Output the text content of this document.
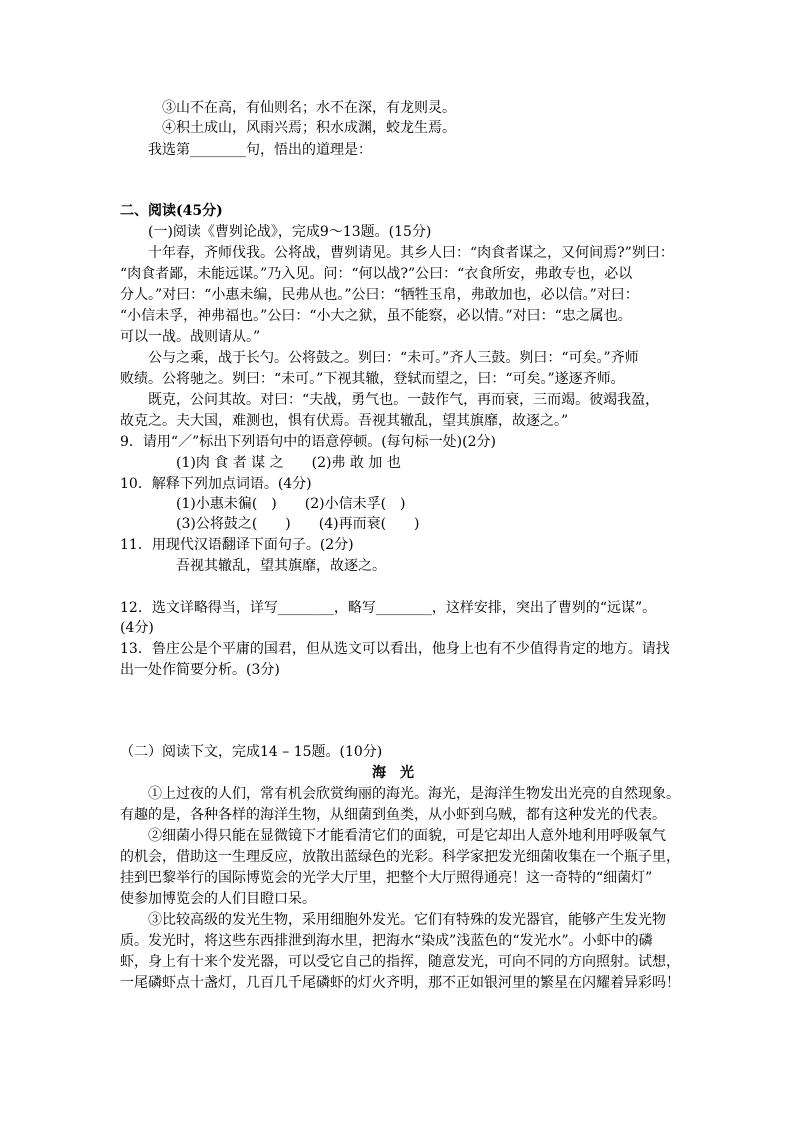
③山不在高，有仙则名；水不在深，有龙则灵。

④积土成山，风雨兴焉；积水成渊，蛟龙生焉。

我选第________句，悟出的道理是：

二、阅读(45分)

(一)阅读《曹刿论战》，完成9～13题。(15分)

十年春，齐师伐我。公将战，曹刿请见。其乡人曰：“肉食者谋之，又何间焉?”刿曰：

“肉食者鄙，未能远谋。”乃入见。问：“何以战?”公曰：“衣食所安，弗敢专也，必以

分人。”对曰：“小惠未编，民弗从也。”公曰：“牺牲玉帛，弗敢加也，必以信。”对曰：

“小信未孚，神弗福也。”公曰：“小大之狱，虽不能察，必以情。”对曰：“忠之属也。

可以一战。战则请从。”

公与之乘，战于长勺。公将鼓之。刿曰：“未可。”齐人三鼓。刿曰：“可矣。”齐师

败绩。公将驰之。刿曰：“未可。”下视其辙，登轼而望之，曰：“可矣。”遂逐齐师。

既克，公问其故。对曰：“夫战，勇气也。一鼓作气，再而衰，三而竭。彼竭我盈，

故克之。夫大国，难测也，惧有伏焉。吾视其辙乱，望其旗靡，故逐之。”

9．请用“／”标出下列语句中的语意停顿。(每句标一处)(2分)

(1)肉 食 者 谋 之　　(2)弗 敢 加 也

10．解释下列加点词语。(4分)

(1)小惠未徧(　)　　(2)小信未孚(　)

(3)公将鼓之(　　)　　(4)再而衰(　　)

11．用现代汉语翻译下面句子。(2分)

吾视其辙乱，望其旗靡，故逐之。

12．选文详略得当，详写________，略写________，这样安排，突出了曹刿的“远谋”。

(4分)

13．鲁庄公是个平庸的国君，但从选文可以看出，他身上也有不少值得肯定的地方。请找

出一处作简要分析。(3分)

（二）阅读下文，完成14 – 15题。(10分)

海　光

①上过夜的人们，常有机会欣赏绚丽的海光。海光，是海洋生物发出光亮的自然现象。

有趣的是，各种各样的海洋生物，从细菌到鱼类，从小虾到乌贼，都有这种发光的代表。

②细菌小得只能在显微镜下才能看清它们的面貌，可是它却出人意外地利用呼吸氧气

的机会，借助这一生理反应，放散出蓝绿色的光彩。科学家把发光细菌收集在一个瓶子里，

挂到巴黎举行的国际博览会的光学大厅里，把整个大厅照得通亮！这一奇特的“细菌灯”

使参加博览会的人们目瞪口呆。

③比较高级的发光生物，采用细胞外发光。它们有特殊的发光器官，能够产生发光物

质。发光时，将这些东西排泄到海水里，把海水“染成”浅蓝色的“发光水”。小虾中的磷

虾，身上有十来个发光器，可以受它自己的指挥，随意发光，可向不同的方向照射。试想，

一尾磷虾点十盏灯，几百几千尾磷虾的灯火齐明，那不正如银河里的繁星在闪耀着异彩吗！
